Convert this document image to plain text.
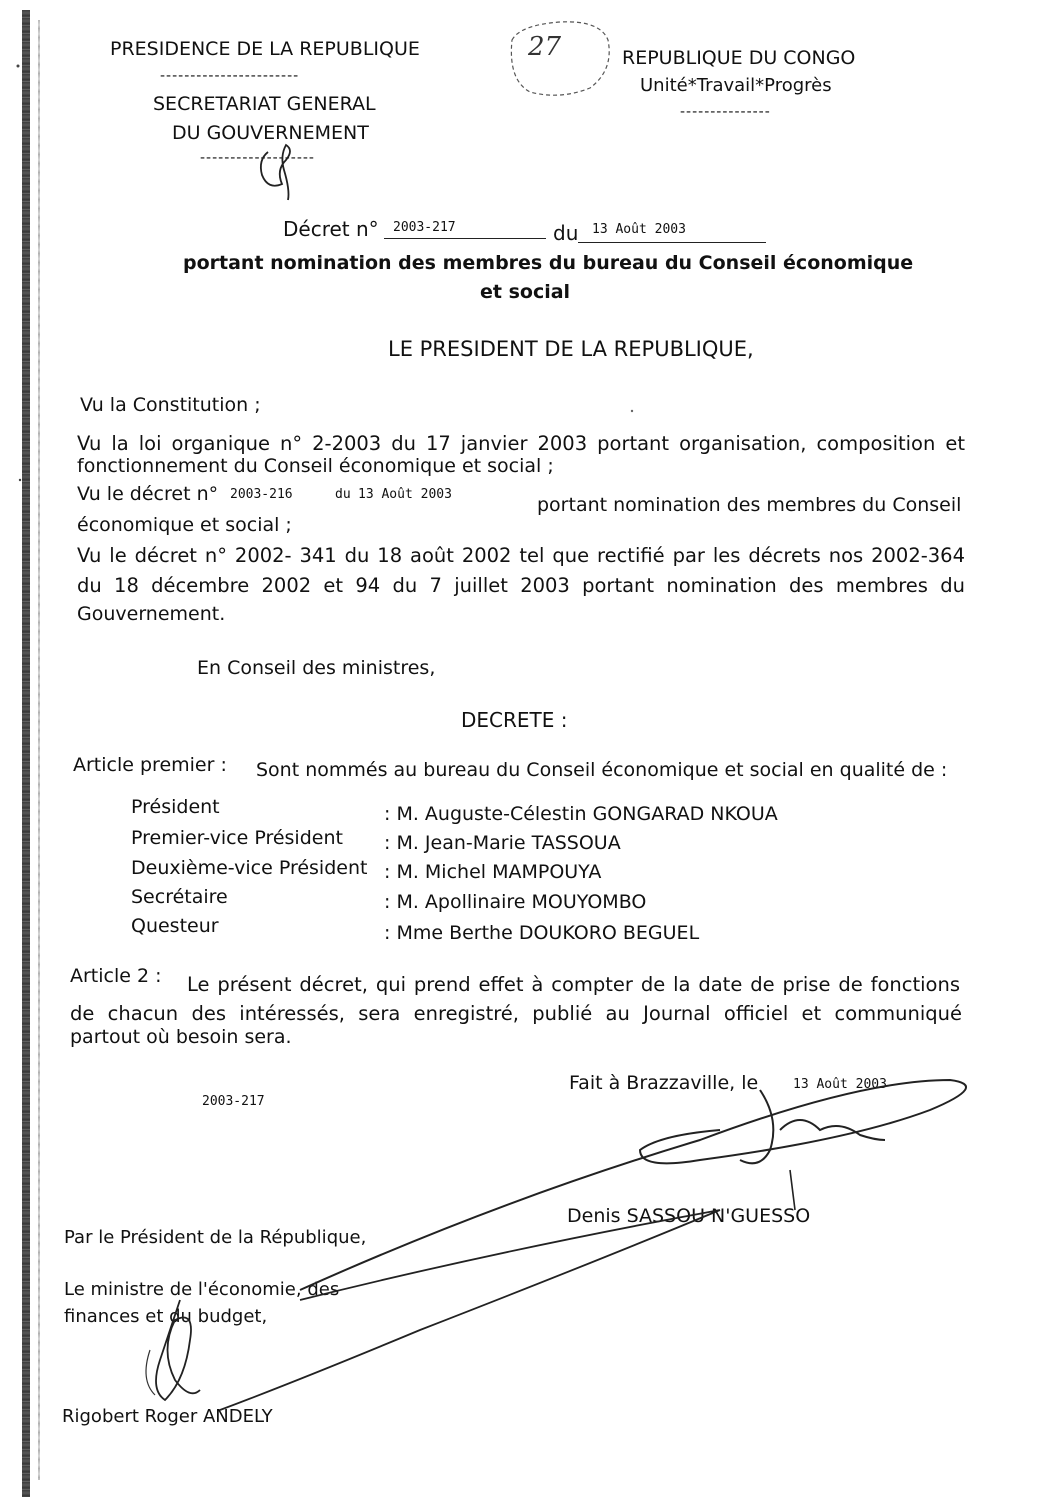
PRESIDENCE DE LA REPUBLIQUE
-----------------------
SECRETARIAT GENERAL
DU GOUVERNEMENT
-------------------
27	REPUBLIQUE DU CONGO
Unité*Travail*Progrès
---------------
Décret n° 2003-217	du 13 Août 2003
portant nomination des membres du bureau du Conseil économique
et social
LE PRESIDENT DE LA REPUBLIQUE,
Vu la Constitution ;
Vu la loi organique n° 2-2003 du 17 janvier 2003 portant organisation, composition et
fonctionnement du Conseil économique et social ;
Vu le décret n° 2003-216	du 13 Août 2003	portant nomination des membres du Conseil
économique et social ;
Vu le décret n° 2002- 341 du 18 août 2002 tel que rectifié par les décrets nos 2002-364
du 18 décembre 2002 et 94 du 7 juillet 2003 portant nomination des membres du
Gouvernement.
En Conseil des ministres,
DECRETE :
Article premier : Sont nommés au bureau du Conseil économique et social en qualité de :
Président	: M. Auguste-Célestin GONGARAD NKOUA
Premier-vice Président : M. Jean-Marie TASSOUA
Deuxième-vice Président : M. Michel MAMPOUYA
Secrétaire	: M. Apollinaire MOUYOMBO
Questeur	: Mme Berthe DOUKORO BEGUEL
Article 2 : Le présent décret, qui prend effet à compter de la date de prise de fonctions
de chacun des intéressés, sera enregistré, publié au Journal officiel et communiqué
partout où besoin sera.
2003-217
Fait à Brazzaville, le	13 Août 2003
Denis SASSOU N'GUESSO
Par le Président de la République,
Le ministre de l'économie, des
finances et du budget,
Rigobert Roger ANDELY
